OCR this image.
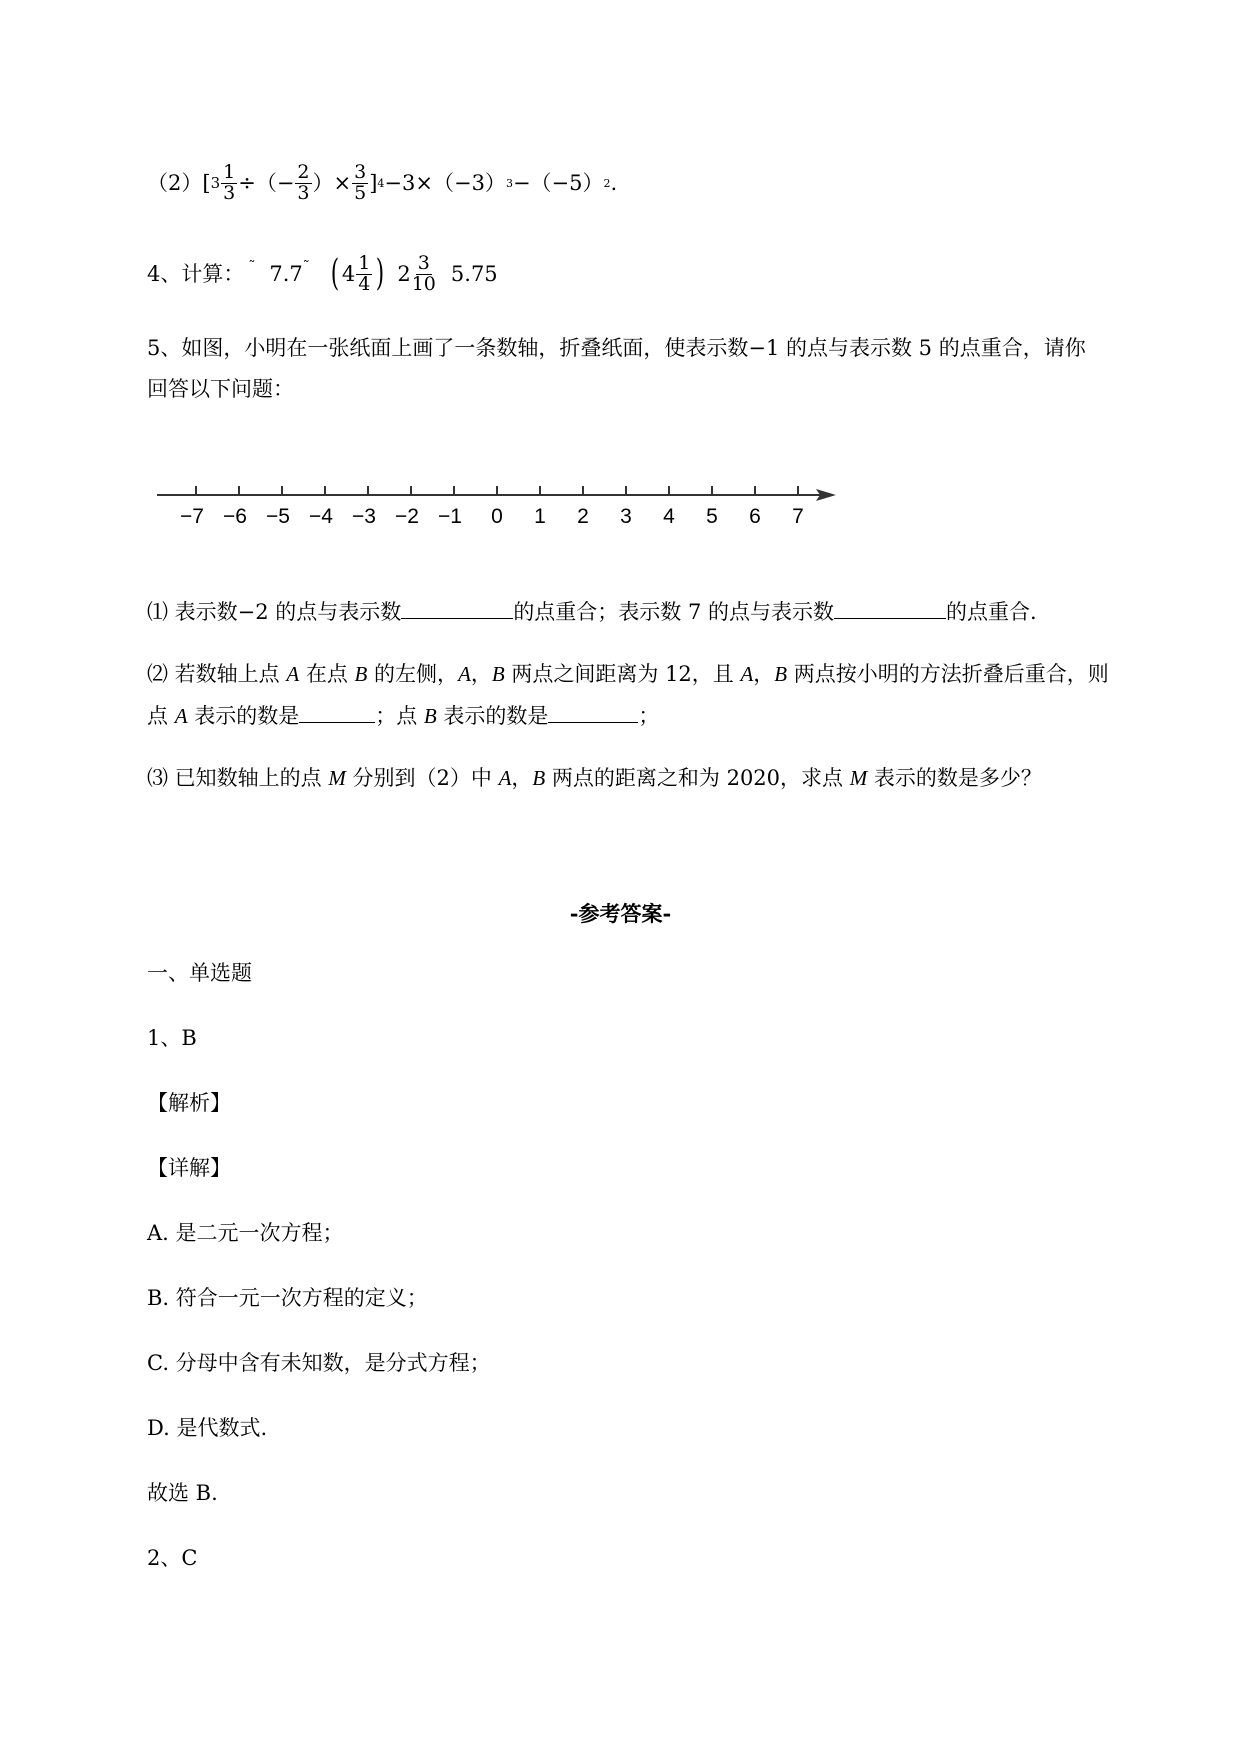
（2） [ $3 \frac{1}{3}$ ÷（− $\frac{2}{3}$ ）× $\frac{3}{5}$ ] 4 −3×（−3） 3 −（−5） 2 .
4、计算： ˜ 7.7 ˜ ( $4 \frac{1}{4}$ ) $2 \frac{3}{10} 5.75$
5、如图，小明在一张纸面上画了一条数轴，折叠纸面，使表示数−1 的点与表示数 5 的点重合，请你
回答以下问题：
−7 −6 −5 −4 −3 −2 −1	0	1	2	3	4	5	6	7
⑴ 表示数−2 的点与表示数	的点重合；表示数 7 的点与表示数	的点重合.
⑵ 若数轴上点 A 在点 B 的左侧，A，B 两点之间距离为 12，且 A，B 两点按小明的方法折叠后重合，则
点 A 表示的数是	；点 B 表示的数是	；
⑶ 已知数轴上的点 M 分别到（2）中 A，B 两点的距离之和为 2020，求点 M 表示的数是多少？
-参考答案-
一、单选题
1、B
【解析】
【详解】
A. 是二元一次方程；
B. 符合一元一次方程的定义；
C. 分母中含有未知数，是分式方程；
D. 是代数式.
故选 B.
2、C
